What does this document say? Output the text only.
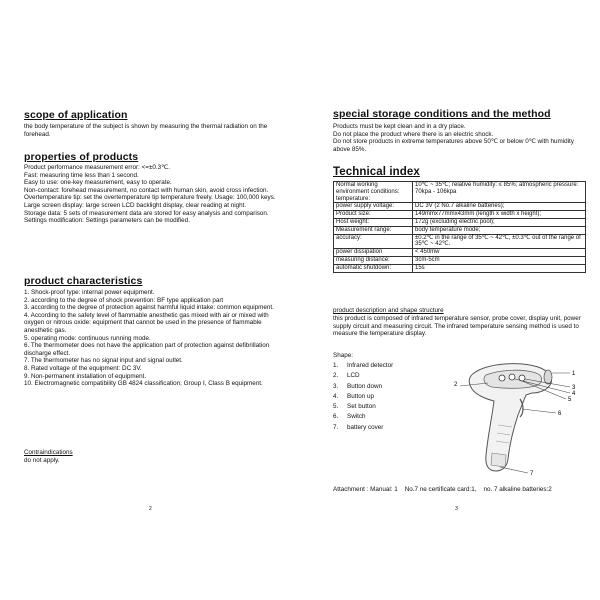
scope of application
the body temperature of the subject is shown by measuring the thermal radiation on the forehead.
properties of products
Product performance measurement error: <=±0.3℃.
Fast: measuring time less than 1 second.
Easy to use: one-key measurement, easy to operate.
Non-contact: forehead measurement, no contact with human skin, avoid cross infection.
Overtemperature tip: set the overtemperature tip temperature freely. Usage: 100,000 keys.
Large screen display: large screen LCD backlight display, clear reading at night.
Storage data: 5 sets of measurement data are stored for easy analysis and comparison.
Settings modification: Settings parameters can be modified.
product characteristics
1. Shock-proof type: internal power equipment.
2. according to the degree of shock prevention: BF type application part
3. according to the degree of protection against harmful liquid intake: common equipment.
4. According to the safety level of flammable anesthetic gas mixed with air or mixed with oxygen or nitrous oxide: equipment that cannot be used in the presence of flammable anesthetic gas.
5. operating mode: continuous running mode.
6. The thermometer does not have the application part of protection against defibrillation discharge effect.
7. The thermometer has no signal input and signal outlet.
8. Rated voltage of the equipment: DC 3V.
9. Non-permanent installation of equipment.
10. Electromagnetic compatibility GB 4824 classification; Group Ⅰ, Class B equipment.
Contraindications
do not apply.
2
special storage conditions and the method
Products must be kept clean and in a dry place.
Do not place the product where there is an electric shock.
Do not store products in extreme temperatures above 50℃ or below 0℃ with humidity above 85%.
Technical index
Normal working environment conditions: temperature:	10℃ ~ 35℃; relative humidity: ≤ 85%; atmospheric pressure: 70kpa - 106kpa
power supply voltage:	DC 3V (2 No.7 alkaline batteries);
Product size:	149mmx77mmx43mm (length x width x height);
Host weight:	172g (excluding electric pool);
Measurement range:	body temperature mode;
accuracy:	±0.2℃ in the range of 35℃ ~ 42℃, ±0.3℃ out of the range of 35℃ ~ 42℃.
power dissipation	< 450mw
measuring distance:	3cm-5cm
automatic shutdown:	15s
product description and shape structure
this product is composed of infrared temperature sensor, probe cover, display unit, power supply circuit and measuring circuit. The infrared temperature sensing method is used to measure the temperature display.
Shape:
1.	Infrared detector
2.	LCD
3.	Button down
4.	Button up
5.	Set button
6.	Switch
7.	battery cover
1
2	3
4
5
6
7
Attachment : Manual: 1    No.7 ne certificate card:1,    no. 7 alkaline batteries:2
3
